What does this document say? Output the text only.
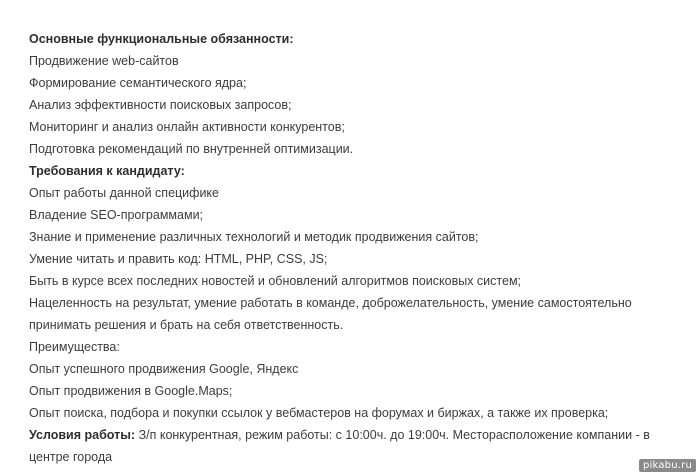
Основные функциональные обязанности:
Продвижение web-сайтов
Формирование семантического ядра;
Анализ эффективности поисковых запросов;
Мониторинг и анализ онлайн активности конкурентов;
Подготовка рекомендаций по внутренней оптимизации.
Требования к кандидату:
Опыт работы данной специфике
Владение SEO-программами;
Знание и применение различных технологий и методик продвижения сайтов;
Умение читать и править код: HTML, PHP, CSS, JS;
Быть в курсе всех последних новостей и обновлений алгоритмов поисковых систем;
Нацеленность на результат, умение работать в команде, доброжелательность, умение самостоятельно принимать решения и брать на себя ответственность.
Преимущества:
Опыт успешного продвижения Google, Яндекс
Опыт продвижения в Google.Maps;
Опыт поиска, подбора и покупки ссылок у вебмастеров на форумах и биржах, а также их проверка;
Условия работы: З/п конкурентная, режим работы: с 10:00ч. до 19:00ч. Месторасположение компании - в центре города
pikabu.ru
